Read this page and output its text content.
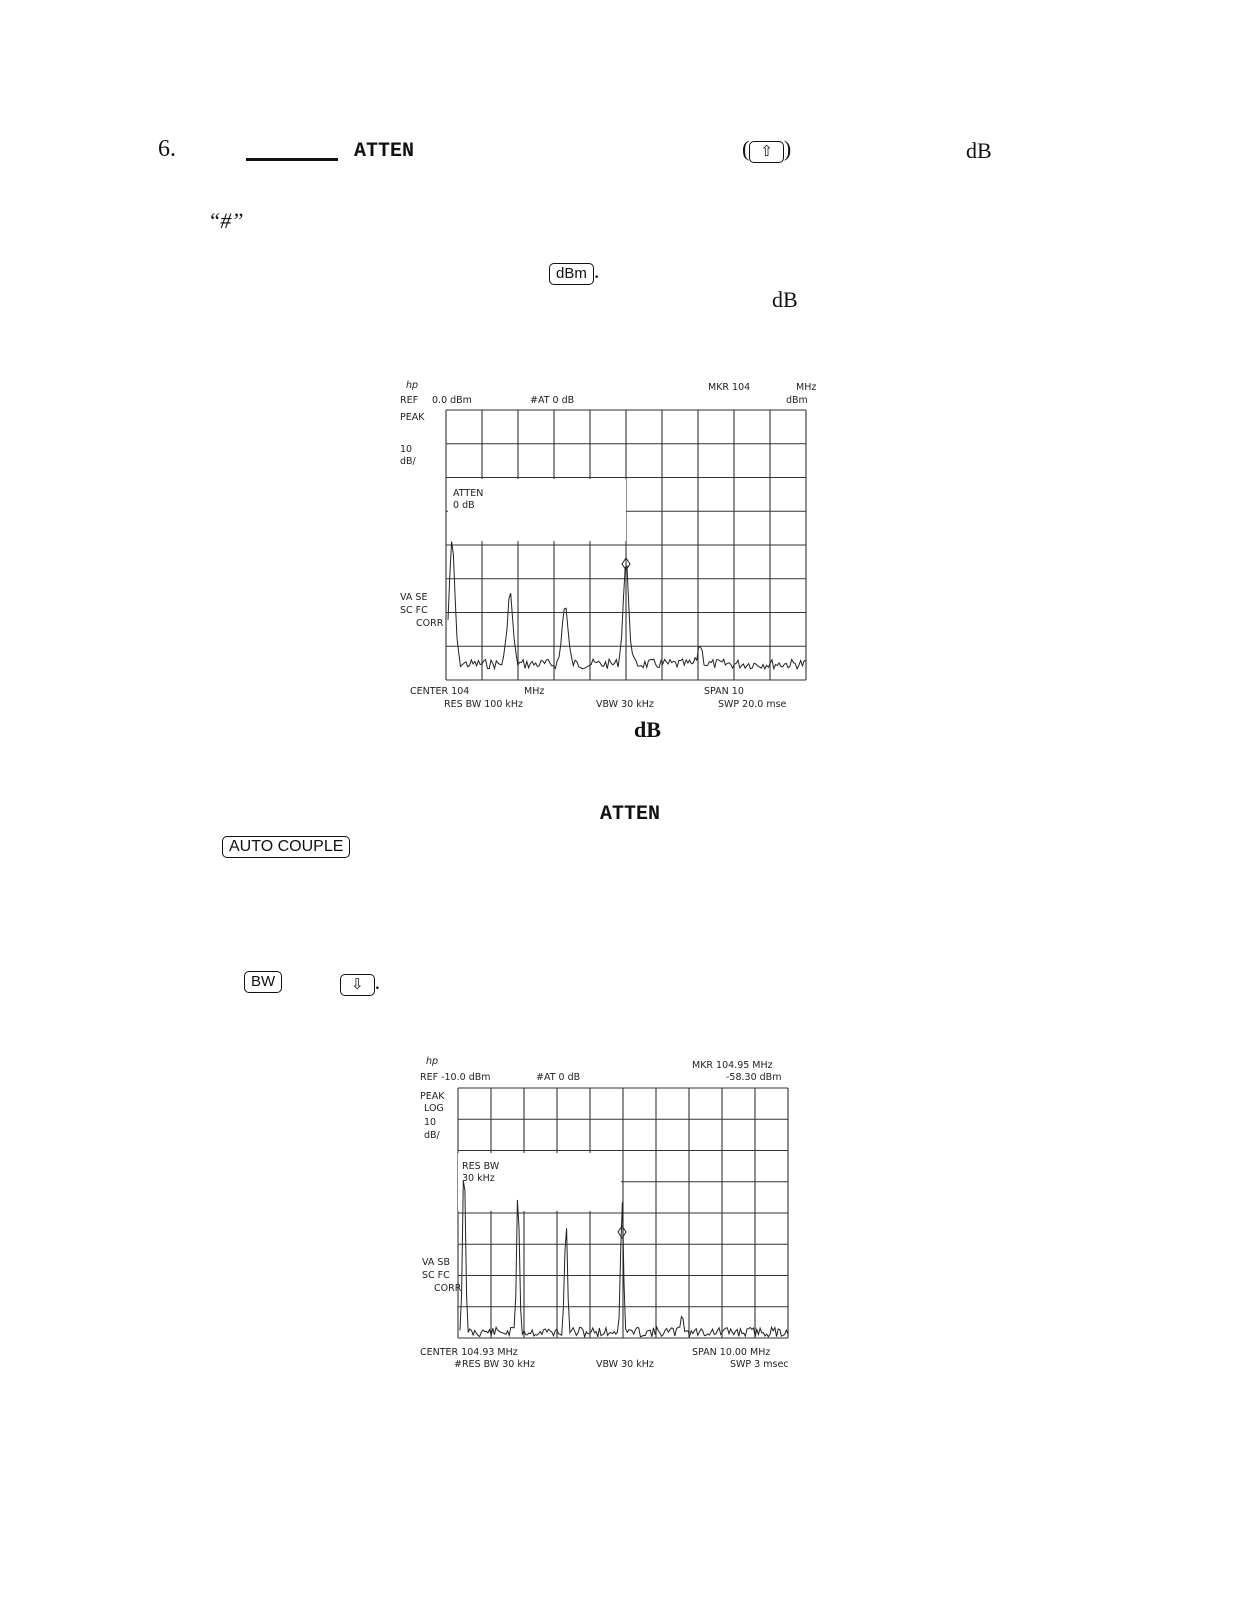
6.	ATTEN	( ⇧ )	dB
“#”
dBm .
dB
hp	MKR 104	MHz
REF 0.0 dBm	#AT 0 dB	dBm
PEAK
10
dB/
VA SE
SC FC
CORR
ATTEN
0 dB
CENTER 104	MHz	SPAN 10
RES BW 100 kHz	VBW 30 kHz	SWP 20.0 mse
dB
ATTEN
AUTO COUPLE
BW	⇩ .
hp	MKR 104.95 MHz
REF -10.0 dBm	#AT 0 dB	-58.30 dBm
PEAK
LOG
10
dB/
VA SB
SC FC
CORR
RES BW
30 kHz
CENTER 104.93 MHz	SPAN 10.00 MHz
#RES BW 30 kHz	VBW 30 kHz	SWP 3 msec
